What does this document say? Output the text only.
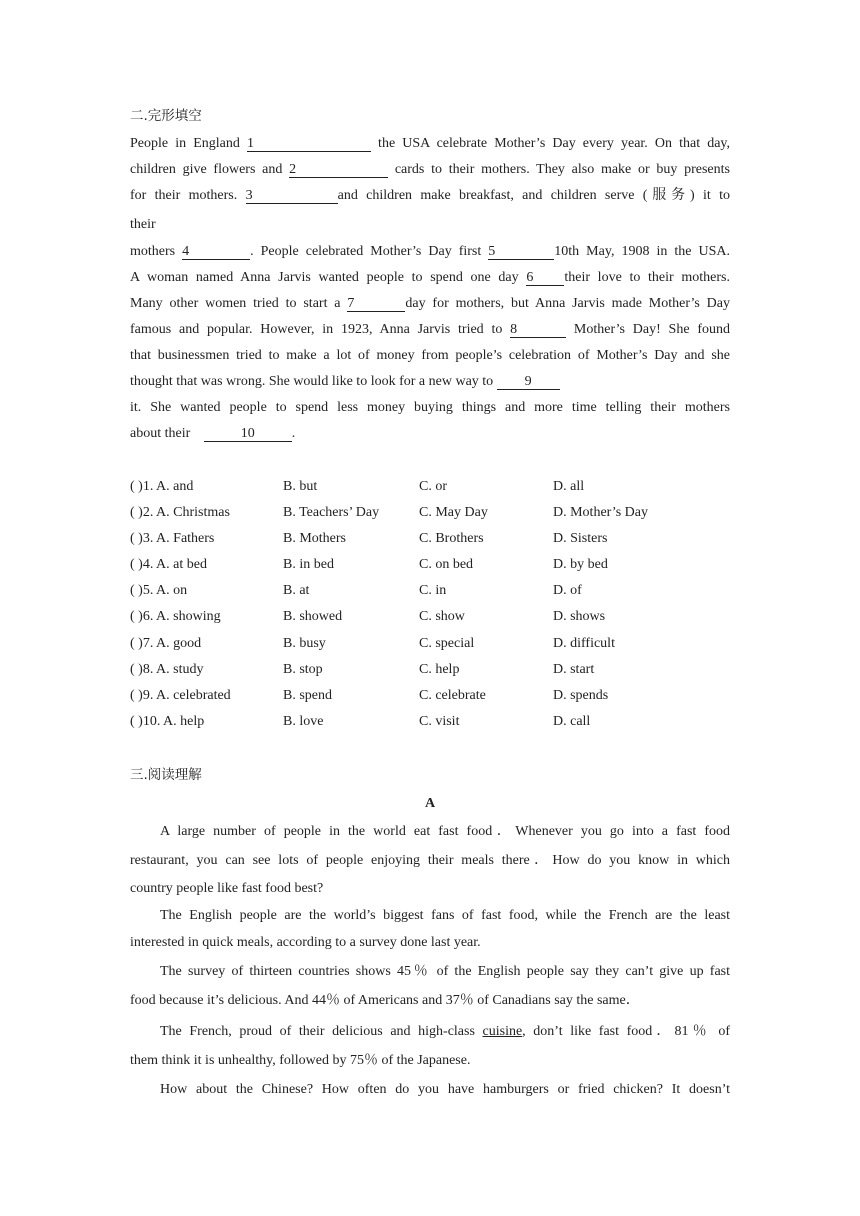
二.完形填空
People in England 1	the USA celebrate Mother’s Day every year. On that day,
children give flowers and 2	cards to their mothers. They also make or buy presents
for their mothers. 3	and children make breakfast, and children serve (服务) it to
their
mothers 4	. People celebrated Mother’s Day first 5	10th May, 1908 in the USA.
A woman named Anna Jarvis wanted people to spend one day 6 their love to their mothers.
Many other women tried to start a 7	day for mothers, but Anna Jarvis made Mother’s Day
famous and popular. However, in 1923, Anna Jarvis tried to 8	Mother’s Day! She found
that businessmen tried to make a lot of money from people’s celebration of Mother’s Day and she
thought that was wrong. She would like to look for a new way to 9
it. She wanted people to spend less money buying things and more time telling their mothers
about their	10	.
( )1. A. and	B. but	C. or	D. all
( )2. A. Christmas	B. Teachers’ Day	C. May Day	D. Mother’s Day
( )3. A. Fathers	B. Mothers	C. Brothers	D. Sisters
( )4. A. at bed	B. in bed	C. on bed	D. by bed
( )5. A. on	B. at	C. in	D. of
( )6. A. showing	B. showed	C. show	D. shows
( )7. A. good	B. busy	C. special	D. difficult
( )8. A. study	B. stop	C. help	D. start
( )9. A. celebrated	B. spend	C. celebrate	D. spends
( )10. A. help	B. love	C. visit	D. call
三.阅读理解
A
A large number of people in the world eat fast food．Whenever you go into a fast food
restaurant, you can see lots of people enjoying their meals there．How do you know in which
country people like fast food best?
The English people are the world’s biggest fans of fast food, while the French are the least
interested in quick meals, according to a survey done last year.
The survey of thirteen countries shows 45％ of the English people say they can’t give up fast
food because it’s delicious. And 44％ of Americans and 37％ of Canadians say the same．
The French, proud of their delicious and high-class cuisine, don’t like fast food．81％ of
them think it is unhealthy, followed by 75％ of the Japanese.
How about the Chinese? How often do you have hamburgers or fried chicken? It doesn’t
